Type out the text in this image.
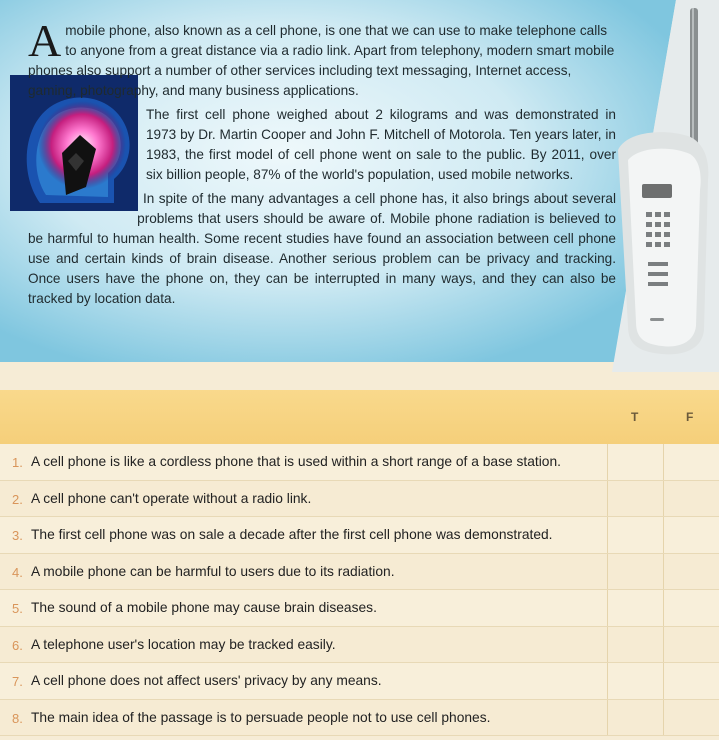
A mobile phone, also known as a cell phone, is one that we can use to make telephone calls to anyone from a great distance via a radio link. Apart from telephony, modern smart mobile phones also support a number of other services including text messaging, Internet access, gaming, photography, and many business applications.

The first cell phone weighed about 2 kilograms and was demonstrated in 1973 by Dr. Martin Cooper and John F. Mitchell of Motorola. Ten years later, in 1983, the first model of cell phone went on sale to the public. By 2011, over six billion people, 87% of the world's population, used mobile networks.

In spite of the many advantages a cell phone has, it also brings about several problems that users should be aware of. Mobile phone radiation is believed to be harmful to human health. Some recent studies have found an association between cell phone use and certain kinds of brain disease. Another serious problem can be privacy and tracking. Once users have the phone on, they can be interrupted in many ways, and they can also be tracked by location data.

T	F
1. A cell phone is like a cordless phone that is used within a short range of a base station.
2. A cell phone can't operate without a radio link.
3. The first cell phone was on sale a decade after the first cell phone was demonstrated.
4. A mobile phone can be harmful to users due to its radiation.
5. The sound of a mobile phone may cause brain diseases.
6. A telephone user's location may be tracked easily.
7. A cell phone does not affect users' privacy by any means.
8. The main idea of the passage is to persuade people not to use cell phones.
